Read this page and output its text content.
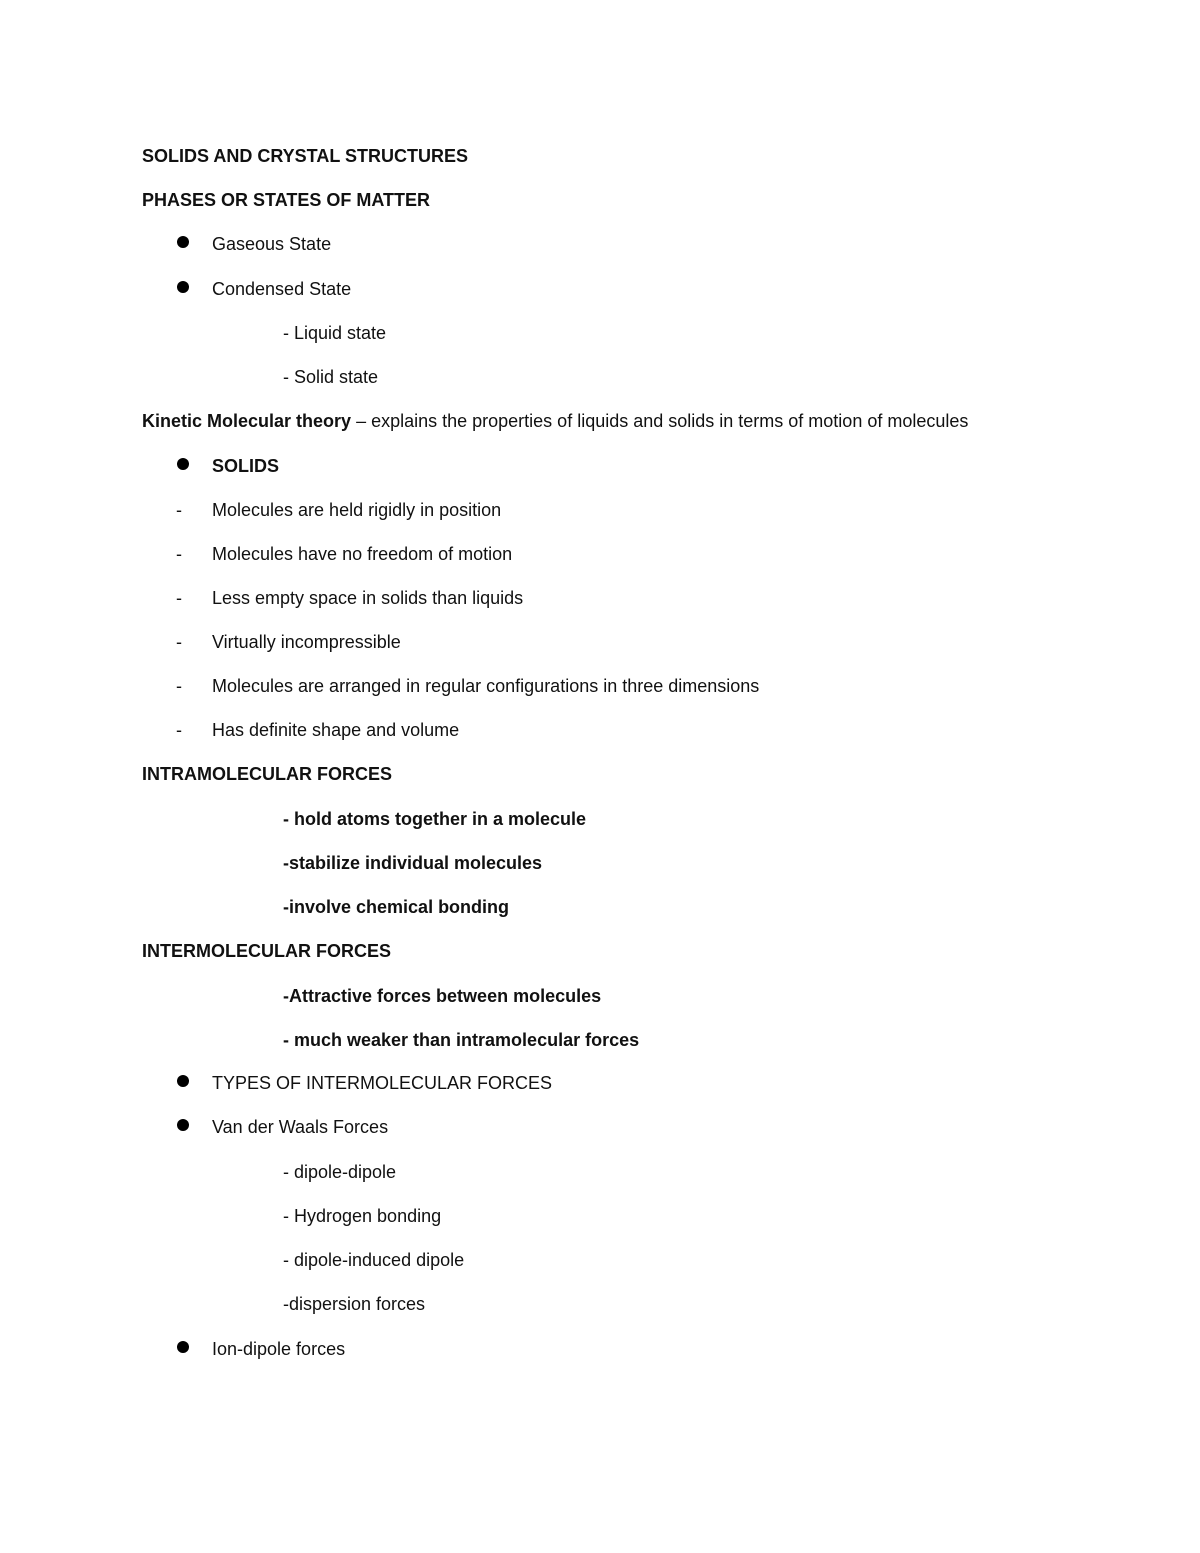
SOLIDS AND CRYSTAL STRUCTURES
PHASES OR STATES OF MATTER
Gaseous State
Condensed State
- Liquid state
- Solid state
Kinetic Molecular theory – explains the properties of liquids and solids in terms of motion of molecules
SOLIDS
- Molecules are held rigidly in position
- Molecules have no freedom of motion
- Less empty space in solids than liquids
- Virtually incompressible
- Molecules are arranged in regular configurations in three dimensions
- Has definite shape and volume
INTRAMOLECULAR FORCES
- hold atoms together in a molecule
-stabilize individual molecules
-involve chemical bonding
INTERMOLECULAR FORCES
-Attractive forces between molecules
- much weaker than intramolecular forces
TYPES OF INTERMOLECULAR FORCES
Van der Waals Forces
- dipole-dipole
- Hydrogen bonding
- dipole-induced dipole
-dispersion forces
Ion-dipole forces
